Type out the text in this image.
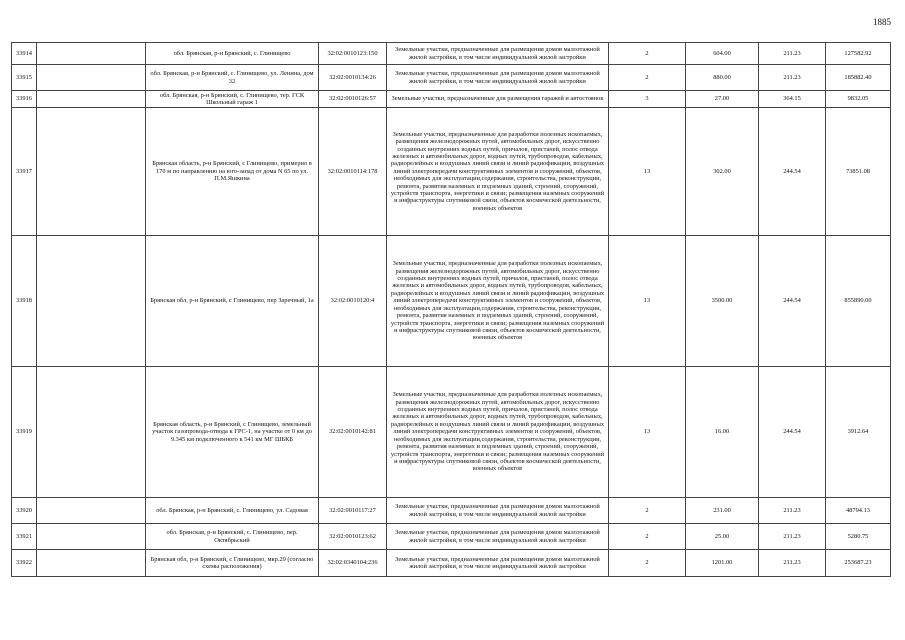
1885
33914		обл. Брянская, р-н Брянский, с. Глинищево	32:02:0010123:150	Земельные участки, предназначенные для размещения домов малоэтажной жилой застройки, в том числе индивидуальной жилой застройки	2	604.00	211.23	127582.92
33915		обл. Брянская, р-н Брянский, с. Глинищево, ул. Ленина, дом 32	32:02:0010134:26	Земельные участки, предназначенные для размещения домов малоэтажной жилой застройки, в том числе индивидуальной жилой застройки	2	880.00	211.23	185882.40
33916		обл. Брянская, р-н Брянский, с. Глинищево, тер. ГСК Школьный гараж 1	32:02:0010126:57	Земельные участки, предназначенные для размещения гаражей и автостоянок	3	27.00	364.15	9832.05
33917		Брянская область, р-н Брянский, с Глинищево, примерно в 170 м по направлению на юго-запад от дома N 65 по ул. П.М.Яшкина	32:02:0010114:178	Земельные участки, предназначенные для разработки полезных ископаемых, размещения железнодорожных путей, автомобильных дорог, искусственно созданных внутренних водных путей, причалов, пристаней, полос отвода железных и автомобильных дорог, водных путей, трубопроводов, кабельных, радиорелейных и воздушных линий связи и линий радиофикации, воздушных линий электропередачи конструктивных элементов и сооружений, объектов, необходимых для эксплуатации,содержания, строительства, реконструкции, ремонта, развития наземных и подземных зданий, строений, сооружений, устройств транспорта, энергетики и связи; размещения наземных сооружений и инфраструктуры спутниковой связи, объектов космической деятельности, военных объектов	13	302.00	244.54	73851.08
33918		Брянская обл, р-н Брянский, с Глинищево, пер Заречный, 1а	32:02:0010120:4	Земельные участки, предназначенные для разработки полезных ископаемых, размещения железнодорожных путей, автомобильных дорог, искусственно созданных внутренних водных путей, причалов, пристаней, полос отвода железных и автомобильных дорог, водных путей, трубопроводов, кабельных, радиорелейных и воздушных линий связи и линий радиофикации, воздушных линий электропередачи конструктивных элементов и сооружений, объектов, необходимых для эксплуатации,содержания, строительства, реконструкции, ремонта, развития наземных и подземных зданий, строений, сооружений, устройств транспорта, энергетики и связи; размещения наземных сооружений и инфраструктуры спутниковой связи, объектов космической деятельности, военных объектов	13	3500.00	244.54	855890.00
33919		Брянская область, р-н Брянский, с Глинищево, земельный участок газопровода-отвода к ГРС-1, на участке от 0 км до 9.345 км подключенного к 541 км МГ ШБКБ	32:02:0010142:81	Земельные участки, предназначенные для разработки полезных ископаемых, размещения железнодорожных путей, автомобильных дорог, искусственно созданных внутренних водных путей, причалов, пристаней, полос отвода железных и автомобильных дорог, водных путей, трубопроводов, кабельных, радиорелейных и воздушных линий связи и линий радиофикации, воздушных линий электропередачи конструктивных элементов и сооружений, объектов, необходимых для эксплуатации,содержания, строительства, реконструкции, ремонта, развития наземных и подземных зданий, строений, сооружений, устройств транспорта, энергетики и связи; размещения наземных сооружений и инфраструктуры спутниковой связи, объектов космической деятельности, военных объектов	13	16.00	244.54	3912.64
33920		обл. Брянская, р-н Брянский, с. Глинищево, ул. Садовая	32:02:0010117:27	Земельные участки, предназначенные для размещения домов малоэтажной жилой застройки, в том числе индивидуальной жилой застройки	2	231.00	211.23	48794.13
33921		обл. Брянская, р-н Брянский, с. Глинищево, пер. Октябрьский	32:02:0010123:62	Земельные участки, предназначенные для размещения домов малоэтажной жилой застройки, в том числе индивидуальной жилой застройки	2	25.00	211.23	5280.75
33922		Брянская обл, р-н Брянский, с Глинищево, мкр.29 (согласно схемы расположения)	32:02:0340104:236	Земельные участки, предназначенные для размещения домов малоэтажной жилой застройки, в том числе индивидуальной жилой застройки	2	1201.00	211.23	253687.23
